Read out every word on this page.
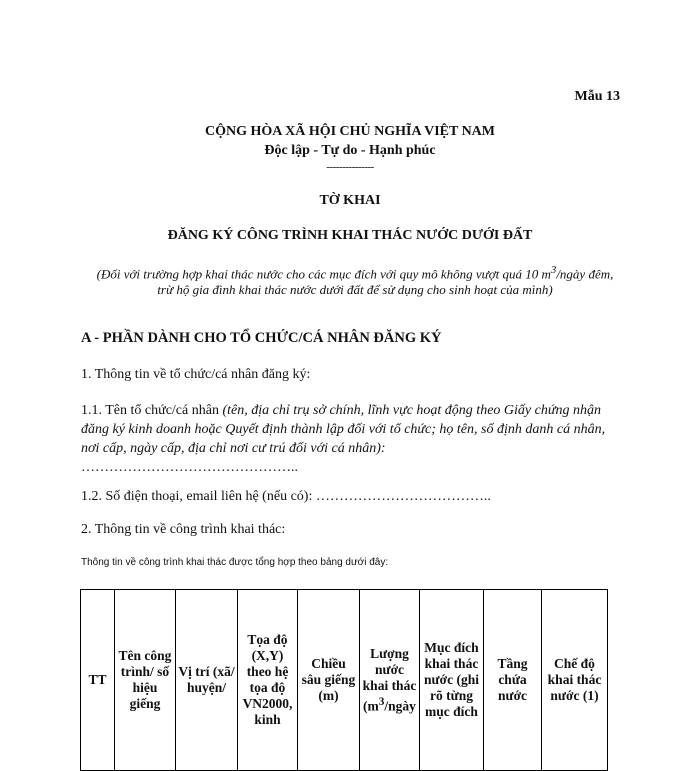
Mẫu 13
CỘNG HÒA XÃ HỘI CHỦ NGHĨA VIỆT NAM
Độc lập - Tự do - Hạnh phúc
---------------
TỜ KHAI
ĐĂNG KÝ CÔNG TRÌNH KHAI THÁC NƯỚC DƯỚI ĐẤT
(Đối với trường hợp khai thác nước cho các mục đích với quy mô không vượt quá 10 $m^3$/ngày đêm, trừ hộ gia đình khai thác nước dưới đất để sử dụng cho sinh hoạt của mình)
A - PHẦN DÀNH CHO TỔ CHỨC/CÁ NHÂN ĐĂNG KÝ
1. Thông tin về tổ chức/cá nhân đăng ký:
1.1. Tên tổ chức/cá nhân (tên, địa chỉ trụ sở chính, lĩnh vực hoạt động theo Giấy chứng nhận đăng ký kinh doanh hoặc Quyết định thành lập đối với tổ chức; họ tên, số định danh cá nhân, nơi cấp, ngày cấp, địa chỉ nơi cư trú đối với cá nhân):
………………………………………..
1.2. Số điện thoại, email liên hệ (nếu có): ………………………………..
2. Thông tin về công trình khai thác:
Thông tin về công trình khai thác được tổng hợp theo bảng dưới đây:
TT	Tên công trình/ số hiệu giếng	Vị trí (xã/ huyện/	Tọa độ (X,Y) theo hệ tọa độ VN2000, kinh	Chiều sâu giếng (m)	Lượng nước khai thác ($m^3$/ngày	Mục đích khai thác nước (ghi rõ từng mục đích	Tầng chứa nước	Chế độ khai thác nước (1)
